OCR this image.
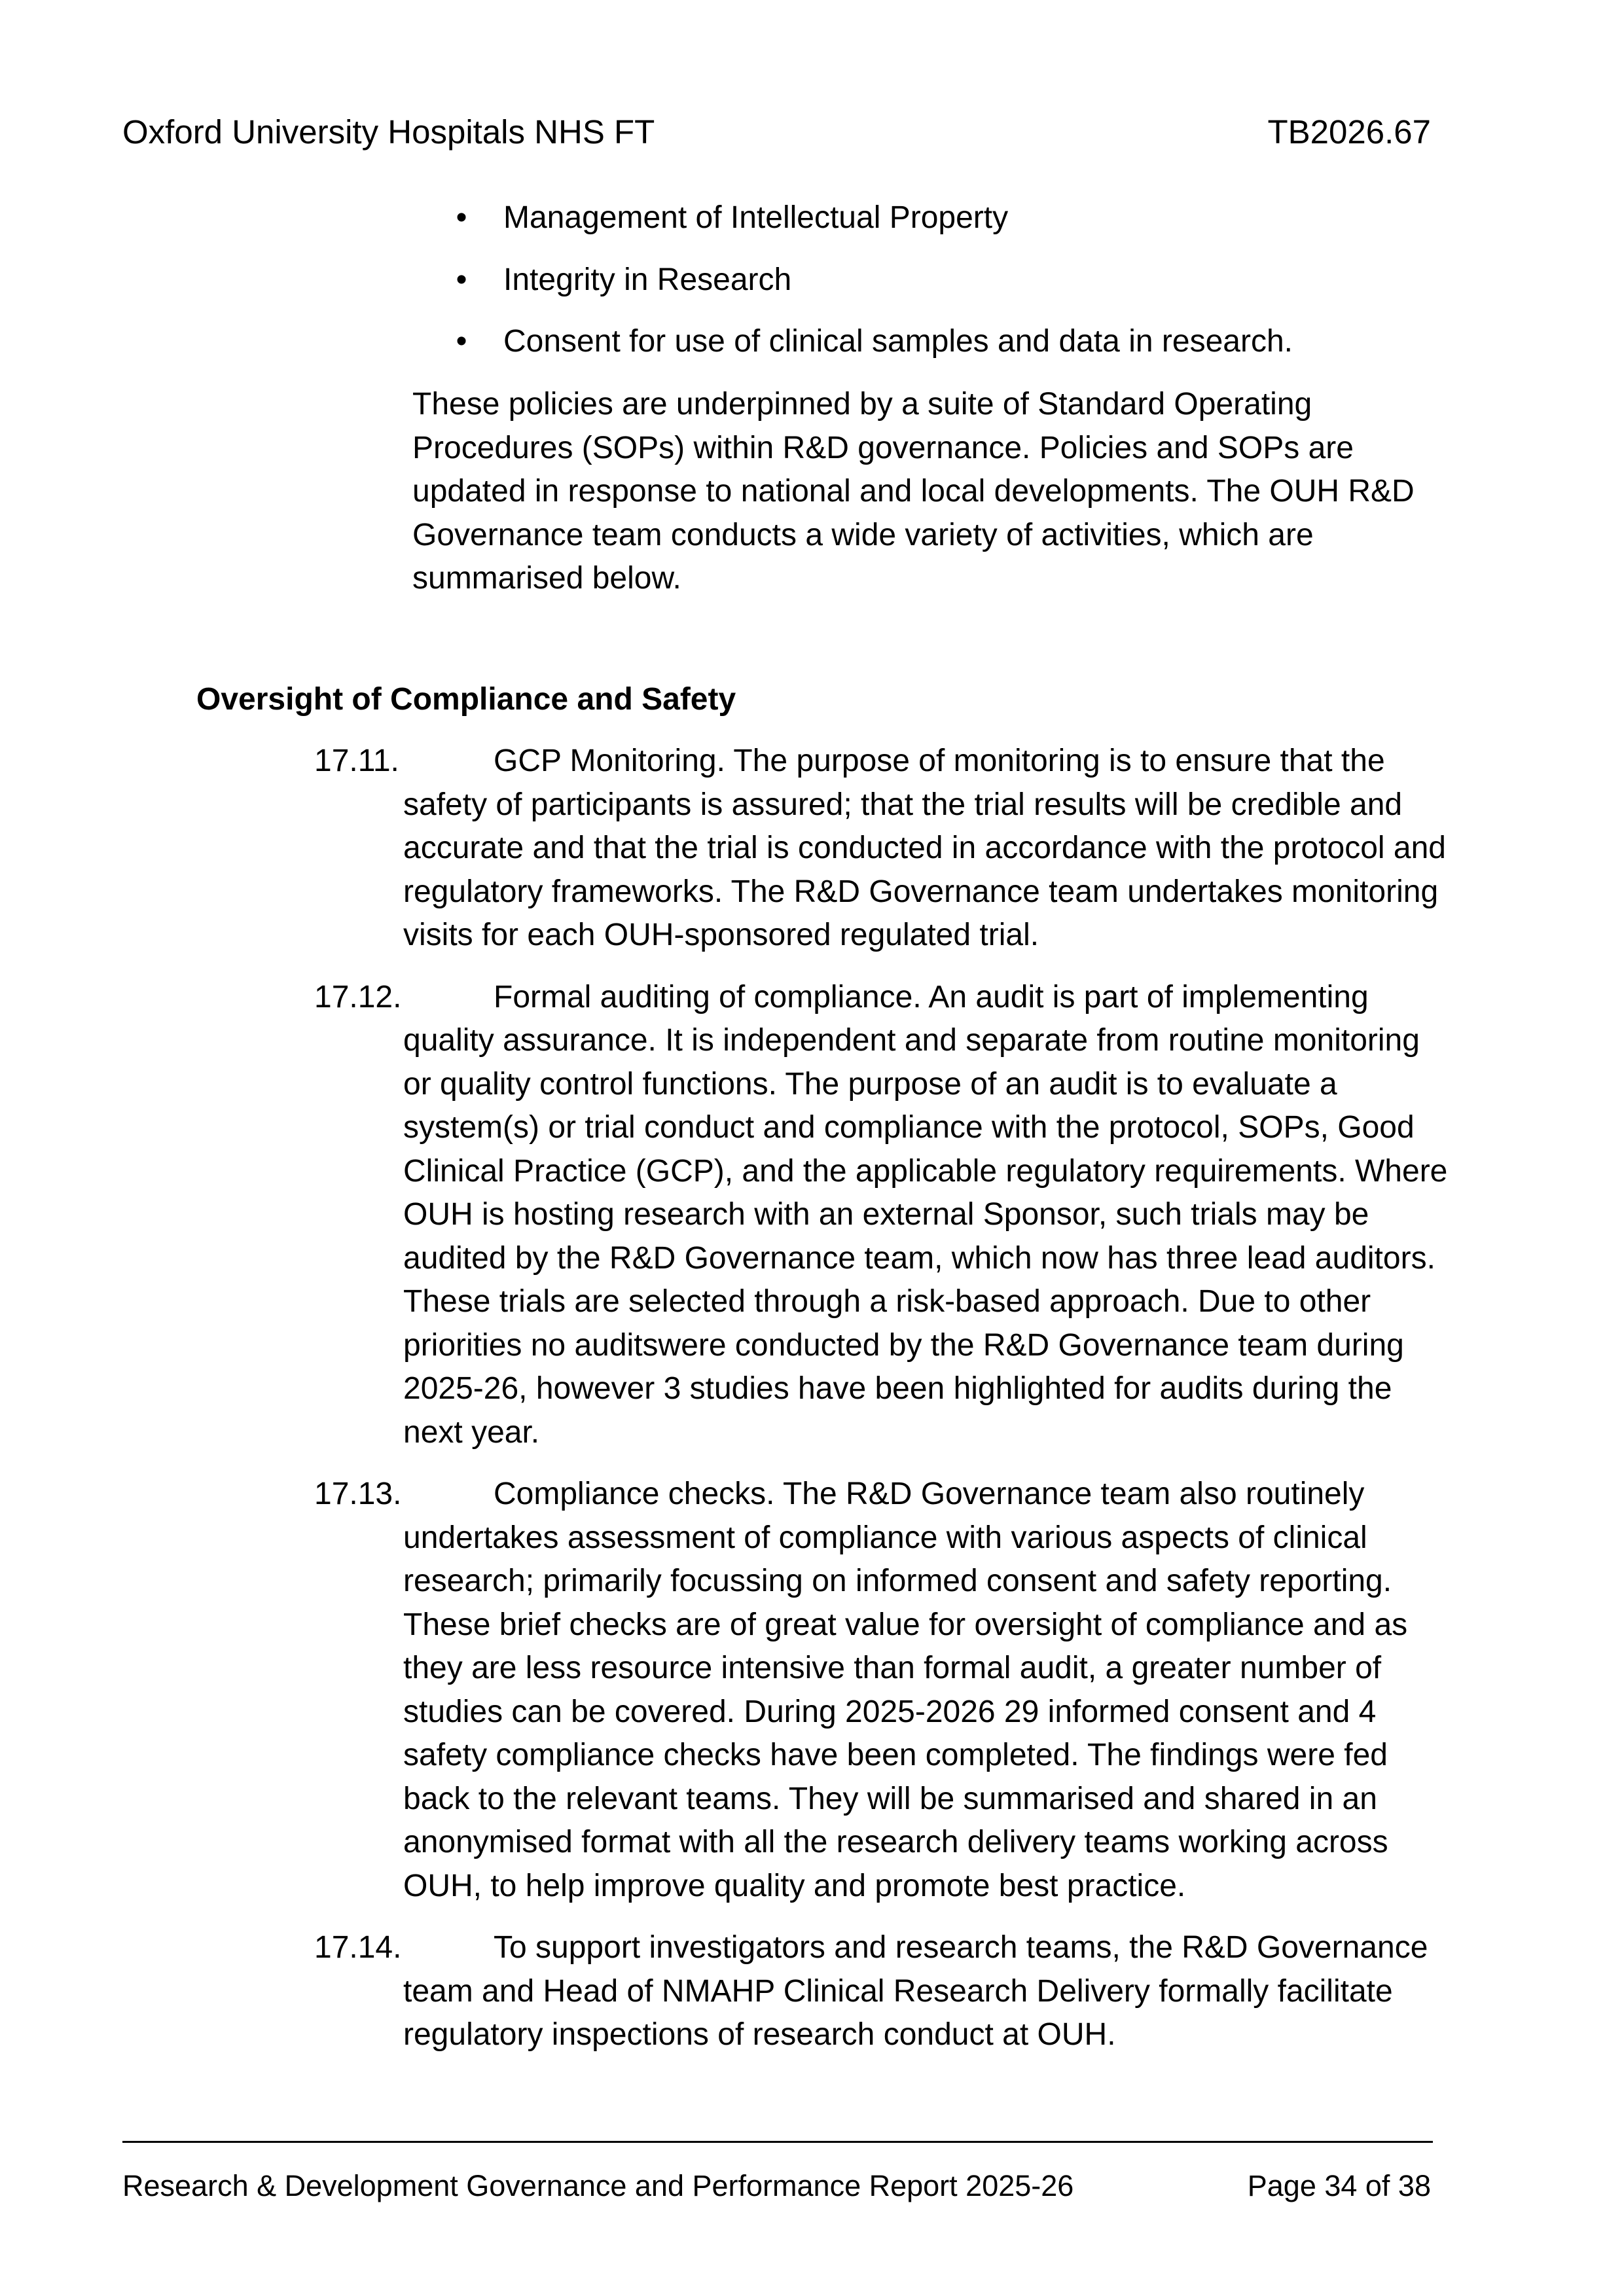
Oxford University Hospitals NHS FT	TB2026.67
• Management of Intellectual Property
• Integrity in Research
• Consent for use of clinical samples and data in research.

These policies are underpinned by a suite of Standard Operating Procedures (SOPs) within R&D governance. Policies and SOPs are updated in response to national and local developments. The OUH R&D Governance team conducts a wide variety of activities, which are summarised below.

Oversight of Compliance and Safety
17.11.	GCP Monitoring. The purpose of monitoring is to ensure that the safety of participants is assured; that the trial results will be credible and accurate and that the trial is conducted in accordance with the protocol and regulatory frameworks. The R&D Governance team undertakes monitoring visits for each OUH-sponsored regulated trial.

17.12.	Formal auditing of compliance. An audit is part of implementing quality assurance. It is independent and separate from routine monitoring or quality control functions. The purpose of an audit is to evaluate a system(s) or trial conduct and compliance with the protocol, SOPs, Good Clinical Practice (GCP), and the applicable regulatory requirements. Where OUH is hosting research with an external Sponsor, such trials may be audited by the R&D Governance team, which now has three lead auditors. These trials are selected through a risk-based approach. Due to other priorities no auditswere conducted by the R&D Governance team during 2025-26, however 3 studies have been highlighted for audits during the next year.

17.13.	Compliance checks. The R&D Governance team also routinely undertakes assessment of compliance with various aspects of clinical research; primarily focussing on informed consent and safety reporting. These brief checks are of great value for oversight of compliance and as they are less resource intensive than formal audit, a greater number of studies can be covered. During 2025-2026 29 informed consent and 4 safety compliance checks have been completed. The findings were fed back to the relevant teams. They will be summarised and shared in an anonymised format with all the research delivery teams working across OUH, to help improve quality and promote best practice.

17.14.	To support investigators and research teams, the R&D Governance team and Head of NMAHP Clinical Research Delivery formally facilitate regulatory inspections of research conduct at OUH.

Research & Development Governance and Performance Report 2025-26	Page 34 of 38
